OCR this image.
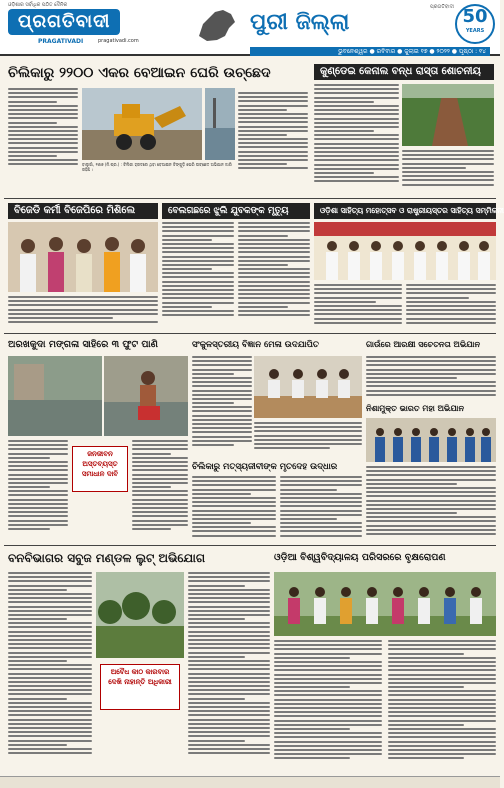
ଓଡ଼ିଶାର ସର୍ବାଧିକ ପଠିତ ଦୈନିକ
ପ୍ରଗତିବାଦୀ
PRAGATIVADI	pragativadi.com
ପୁରୀ ଜିଲ୍ଲା
ପ୍ରଗତିବାଦୀ 50
YEARS
ଭୁବନେଶ୍ୱର ● ରବିବାର ● ଜୁଲାଇ ୧୭ ● ୨୦୨୨ ● ପୃଷ୍ଠା : ୧୪
ଚିଲିକାରୁ ୨୨୦୦ ଏକର ବେଆଇନ ଘେରି ଉଚ୍ଛେଦ
ବାଲୁଗାଁ, ୧୬ା୭ (ନି.ପ୍ର.) : ଚିଲିକା ହ୍ରଦରେ ଥିବା ବେଆଇନ ଚିଙ୍ଗୁଡ଼ି ଘେରି ଉଚ୍ଛେଦ ଅଭିଯାନ ଜାରି ରହିଛି ।
କୁଣ୍ଡେଇ କେନାଲ ବନ୍ଧ ରାସ୍ତା ଶୋଚନୀୟ
ବିଜେଡି କର୍ମୀ ବିଜେପିରେ ମିଶିଲେ	ବେଲଗଛରେ ଝୁଲି ଯୁବକଙ୍କ ମୃତ୍ୟୁ	ଓଡ଼ିଶା ସାହିତ୍ୟ ମହୋତ୍ସବ ଓ ରାଷ୍ଟ୍ରୀୟସ୍ତର ସାହିତ୍ୟ ସମ୍ମିଳନୀ
ଅରଖକୁଦା ମଙ୍ଗଳା ସାହିରେ ୩ ଫୁଟ ପାଣି
ଜନଜୀବନ ଅସ୍ତବ୍ୟସ୍ତ ସମାଧାନ ଦାବି
ସଂକୁଳସ୍ତରୀୟ ବିଜ୍ଞାନ ମେଳା ଉଦଯାପିତ	ଗାଉଁରେ ଆରକ୍ଷୀ ସଚେତନତା ଅଭିଯାନ
ନିଶାମୁକ୍ତ ଭାରତ ମହା ଅଭିଯାନ
ଚିଲିକାରୁ ମତ୍ସ୍ୟଜୀବୀଙ୍କ ମୃତଦେହ ଉଦ୍ଧାର
ବନବିଭାଗର ସବୁଜ ମଣ୍ଡଳ ଲୁଟ୍ ଅଭିଯୋଗ
ଅବୈଧ କାଠ କାରବାର ଦେଖି ନାହାନ୍ତି ଅଧିକାରୀ
ଓଡ଼ିଆ ବିଶ୍ୱବିଦ୍ୟାଳୟ ପରିସରରେ ବୃକ୍ଷରୋପଣ
